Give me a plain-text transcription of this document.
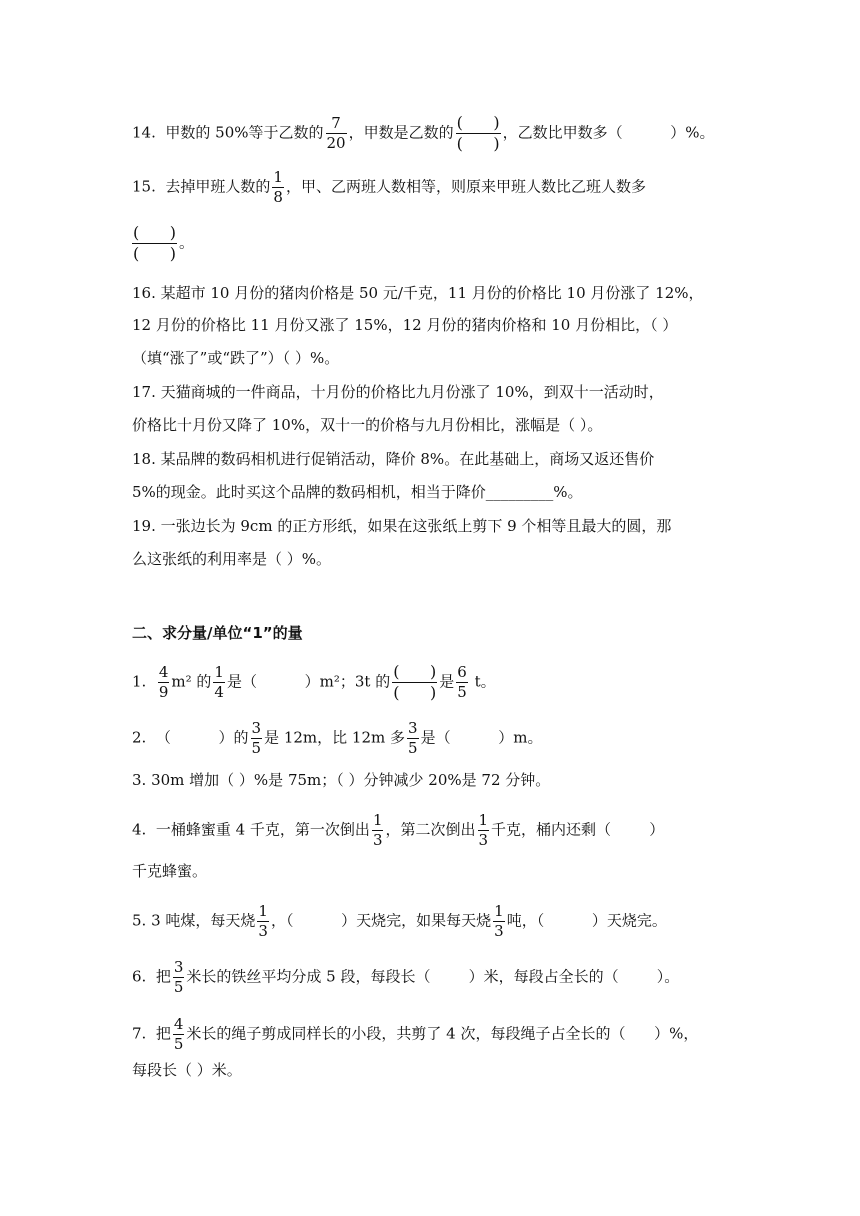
14.  甲数的 50%等于乙数的 $\frac{7}{20}$ ，甲数是乙数的 $\frac{( )}{( )}$ ，乙数比甲数多（          ）%。
15.  去掉甲班人数的 $\frac{1}{8}$ ，甲、乙两班人数相等，则原来甲班人数比乙班人数多
$\frac{( )}{( )}$ 。
16. 某超市 10 月份的猪肉价格是 50 元/千克，11 月份的价格比 10 月份涨了 12%，
12 月份的价格比 11 月份又涨了 15%，12 月份的猪肉价格和 10 月份相比，（ ）
（填“涨了”或“跌了”）（ ）%。
17. 天猫商城的一件商品，十月份的价格比九月份涨了 10%，到双十一活动时，
价格比十月份又降了 10%，双十一的价格与九月份相比，涨幅是（ ）。
18. 某品牌的数码相机进行促销活动，降价 8%。在此基础上，商场又返还售价
5%的现金。此时买这个品牌的数码相机，相当于降价_________%。
19. 一张边长为 9cm 的正方形纸，如果在这张纸上剪下 9 个相等且最大的圆，那
么这张纸的利用率是（ ）%。
二、求分量/单位“1”的量
1. $\frac{4}{9} m^2$ 的 $\frac{1}{4}$ 是（          ）m²；3t 的 $\frac{( )}{( )}$ 是 $\frac{6}{5}$ t。
2.  （          ）的 $\frac{3}{5}$ 是 12m，比 12m 多 $\frac{3}{5}$ 是（          ）m。
3. 30m 增加（ ）%是 75m；（ ）分钟减少 20%是 72 分钟。
4.  一桶蜂蜜重 4 千克，第一次倒出 $\frac{1}{3}$ ，第二次倒出 $\frac{1}{3}$ 千克，桶内还剩（        ）
千克蜂蜜。
5. 3 吨煤，每天烧 $\frac{1}{3}$ ，（          ）天烧完，如果每天烧 $\frac{1}{3}$ 吨，（          ）天烧完。
6.  把 $\frac{3}{5}$ 米长的铁丝平均分成 5 段，每段长（        ）米，每段占全长的（        ）。
7.  把 $\frac{4}{5}$ 米长的绳子剪成同样长的小段，共剪了 4 次，每段绳子占全长的（      ）%，
每段长（ ）米。
